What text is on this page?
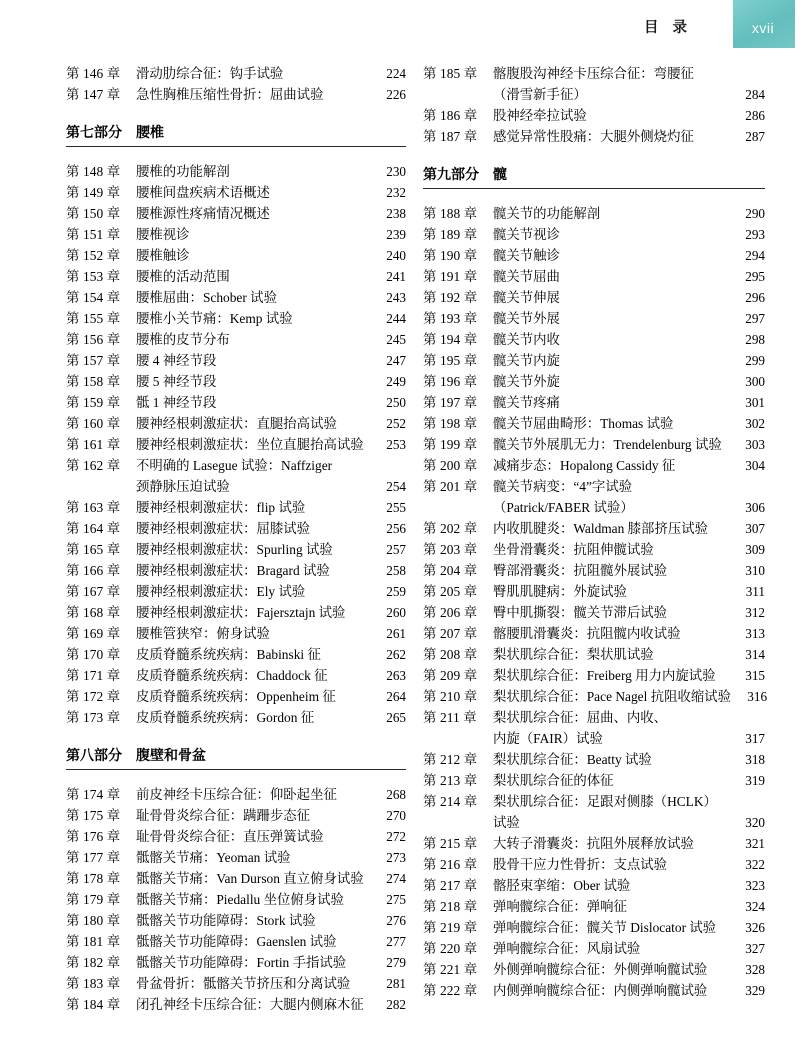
目 录	xvii
第 146 章	滑动肋综合征：钩手试验	224
第 147 章	急性胸椎压缩性骨折：屈曲试验	226
第七部分	腰椎
第 148 章	腰椎的功能解剖	230
第 149 章	腰椎间盘疾病术语概述	232
第 150 章	腰椎源性疼痛情况概述	238
第 151 章	腰椎视诊	239
第 152 章	腰椎触诊	240
第 153 章	腰椎的活动范围	241
第 154 章	腰椎屈曲：Schober 试验	243
第 155 章	腰椎小关节痛：Kemp 试验	244
第 156 章	腰椎的皮节分布	245
第 157 章	腰 4 神经节段	247
第 158 章	腰 5 神经节段	249
第 159 章	骶 1 神经节段	250
第 160 章	腰神经根刺激症状：直腿抬高试验	252
第 161 章	腰神经根刺激症状：坐位直腿抬高试验	253
第 162 章	不明确的 Lasegue 试验：Naffziger
颈静脉压迫试验	254
第 163 章	腰神经根刺激症状：flip 试验	255
第 164 章	腰神经根刺激症状：屈膝试验	256
第 165 章	腰神经根刺激症状：Spurling 试验	257
第 166 章	腰神经根刺激症状：Bragard 试验	258
第 167 章	腰神经根刺激症状：Ely 试验	259
第 168 章	腰神经根刺激症状：Fajersztajn 试验	260
第 169 章	腰椎管狭窄：俯身试验	261
第 170 章	皮质脊髓系统疾病：Babinski 征	262
第 171 章	皮质脊髓系统疾病：Chaddock 征	263
第 172 章	皮质脊髓系统疾病：Oppenheim 征	264
第 173 章	皮质脊髓系统疾病：Gordon 征	265
第八部分	腹壁和骨盆
第 174 章	前皮神经卡压综合征：仰卧起坐征	268
第 175 章	耻骨骨炎综合征：蹒跚步态征	270
第 176 章	耻骨骨炎综合征：直压弹簧试验	272
第 177 章	骶髂关节痛：Yeoman 试验	273
第 178 章	骶髂关节痛：Van Durson 直立俯身试验	274
第 179 章	骶髂关节痛：Piedallu 坐位俯身试验	275
第 180 章	骶髂关节功能障碍：Stork 试验	276
第 181 章	骶髂关节功能障碍：Gaenslen 试验	277
第 182 章	骶髂关节功能障碍：Fortin 手指试验	279
第 183 章	骨盆骨折：骶髂关节挤压和分离试验	281
第 184 章	闭孔神经卡压综合征：大腿内侧麻木征	282
第 185 章	髂腹股沟神经卡压综合征：弯腰征
（滑雪新手征）	284
第 186 章	股神经牵拉试验	286
第 187 章	感觉异常性股痛：大腿外侧烧灼征	287
第九部分	髋
第 188 章	髋关节的功能解剖	290
第 189 章	髋关节视诊	293
第 190 章	髋关节触诊	294
第 191 章	髋关节屈曲	295
第 192 章	髋关节伸展	296
第 193 章	髋关节外展	297
第 194 章	髋关节内收	298
第 195 章	髋关节内旋	299
第 196 章	髋关节外旋	300
第 197 章	髋关节疼痛	301
第 198 章	髋关节屈曲畸形：Thomas 试验	302
第 199 章	髋关节外展肌无力：Trendelenburg 试验	303
第 200 章	减痛步态：Hopalong Cassidy 征	304
第 201 章	髋关节病变：“4”字试验
（Patrick/FABER 试验）	306
第 202 章	内收肌腱炎：Waldman 膝部挤压试验	307
第 203 章	坐骨滑囊炎：抗阻伸髋试验	309
第 204 章	臀部滑囊炎：抗阻髋外展试验	310
第 205 章	臀肌肌腱病：外旋试验	311
第 206 章	臀中肌撕裂：髋关节滞后试验	312
第 207 章	髂腰肌滑囊炎：抗阻髋内收试验	313
第 208 章	梨状肌综合征：梨状肌试验	314
第 209 章	梨状肌综合征：Freiberg 用力内旋试验	315
第 210 章	梨状肌综合征：Pace Nagel 抗阻收缩试验	316
第 211 章	梨状肌综合征：屈曲、内收、
内旋（FAIR）试验	317
第 212 章	梨状肌综合征：Beatty 试验	318
第 213 章	梨状肌综合征的体征	319
第 214 章	梨状肌综合征：足跟对侧膝（HCLK）
试验	320
第 215 章	大转子滑囊炎：抗阻外展释放试验	321
第 216 章	股骨干应力性骨折：支点试验	322
第 217 章	髂胫束挛缩：Ober 试验	323
第 218 章	弹响髋综合征：弹响征	324
第 219 章	弹响髋综合征：髋关节 Dislocator 试验	326
第 220 章	弹响髋综合征：风扇试验	327
第 221 章	外侧弹响髋综合征：外侧弹响髋试验	328
第 222 章	内侧弹响髋综合征：内侧弹响髋试验	329
